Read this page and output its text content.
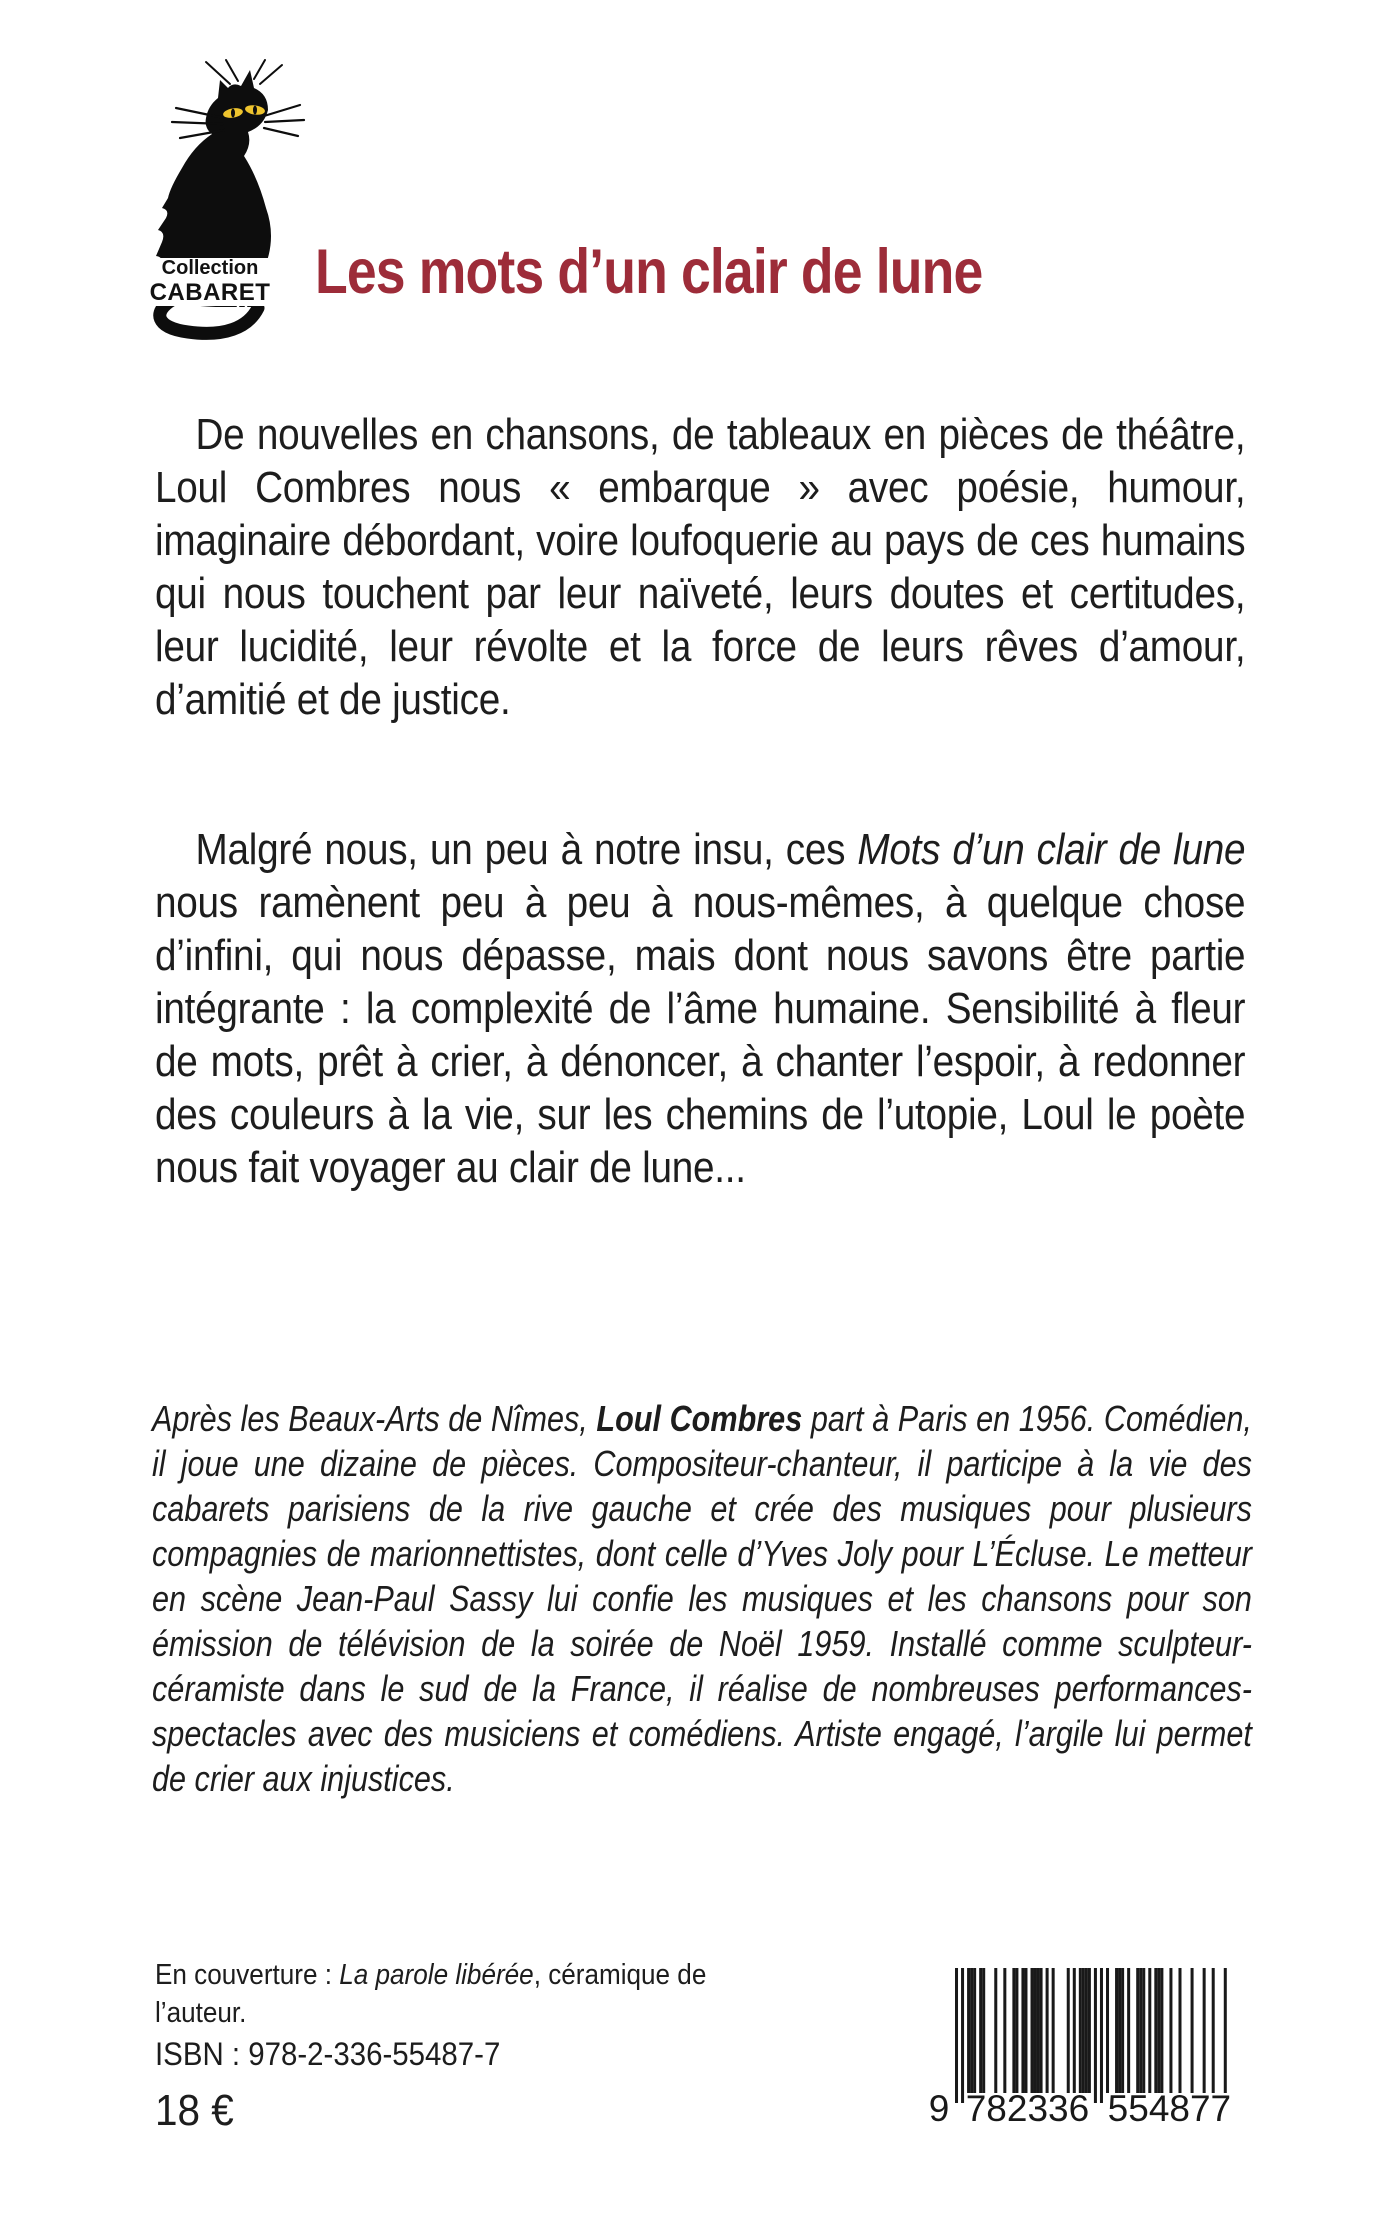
Collection
CABARET Les mots d’un clair de lune

De nouvelles en chansons, de tableaux en pièces de théâtre, Loul Combres nous « embarque » avec poésie, humour, imaginaire débordant, voire loufoquerie au pays de ces humains qui nous touchent par leur naïveté, leurs doutes et certitudes, leur lucidité, leur révolte et la force de leurs rêves d’amour, d’amitié et de justice.

Malgré nous, un peu à notre insu, ces Mots d’un clair de lune nous ramènent peu à peu à nous-mêmes, à quelque chose d’infini, qui nous dépasse, mais dont nous savons être partie intégrante : la complexité de l’âme humaine. Sensibilité à fleur de mots, prêt à crier, à dénoncer, à chanter l’espoir, à redonner des couleurs à la vie, sur les chemins de l’utopie, Loul le poète nous fait voyager au clair de lune...

Après les Beaux-Arts de Nîmes, Loul Combres part à Paris en 1956. Comédien, il joue une dizaine de pièces. Compositeur-chanteur, il participe à la vie des cabarets parisiens de la rive gauche et crée des musiques pour plusieurs compagnies de marionnettistes, dont celle d’Yves Joly pour L’Écluse. Le metteur en scène Jean-Paul Sassy lui confie les musiques et les chansons pour son émission de télévision de la soirée de Noël 1959. Installé comme sculpteur-céramiste dans le sud de la France, il réalise de nombreuses performances-spectacles avec des musiciens et comédiens. Artiste engagé, l’argile lui permet de crier aux injustices.

En couverture : La parole libérée, céramique de l’auteur.

ISBN : 978-2-336-55487-7
18 €	9 782336 554877
